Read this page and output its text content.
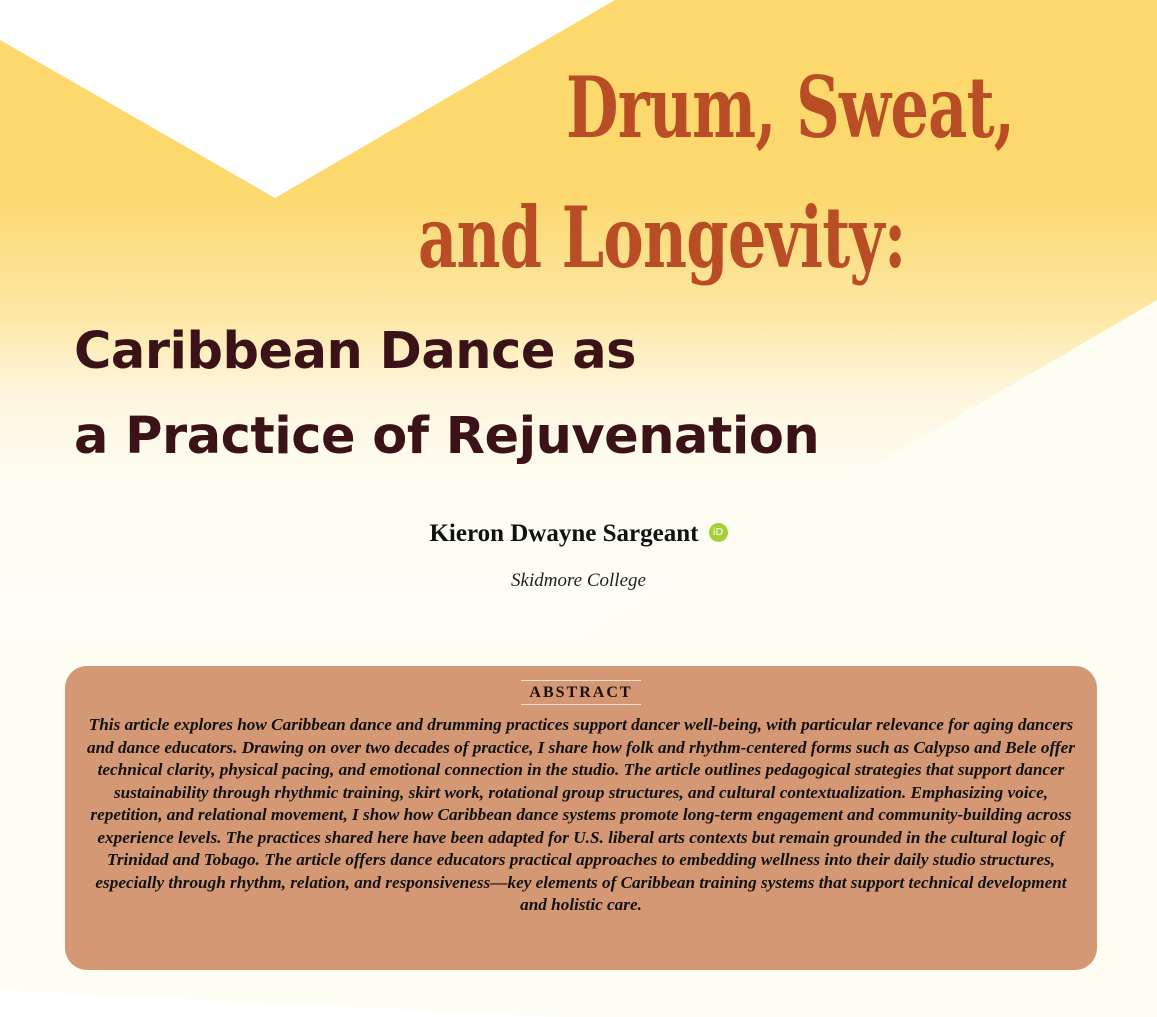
Drum, Sweat,
and Longevity:
Caribbean Dance as
a Practice of Rejuvenation
Kieron Dwayne Sargeant iD

Skidmore College

ABSTRACT

This article explores how Caribbean dance and drumming practices support dancer well-being, with particular relevance for aging dancers and dance educators. Drawing on over two decades of practice, I share how folk and rhythm-centered forms such as Calypso and Bele offer technical clarity, physical pacing, and emotional connection in the studio. The article outlines pedagogical strategies that support dancer sustainability through rhythmic training, skirt work, rotational group structures, and cultural contextualization. Emphasizing voice, repetition, and relational movement, I show how Caribbean dance systems promote long-term engagement and community-building across experience levels. The practices shared here have been adapted for U.S. liberal arts contexts but remain grounded in the cultural logic of Trinidad and Tobago. The article offers dance educators practical approaches to embedding wellness into their daily studio structures, especially through rhythm, relation, and responsiveness—key elements of Caribbean training systems that support technical development and holistic care.
